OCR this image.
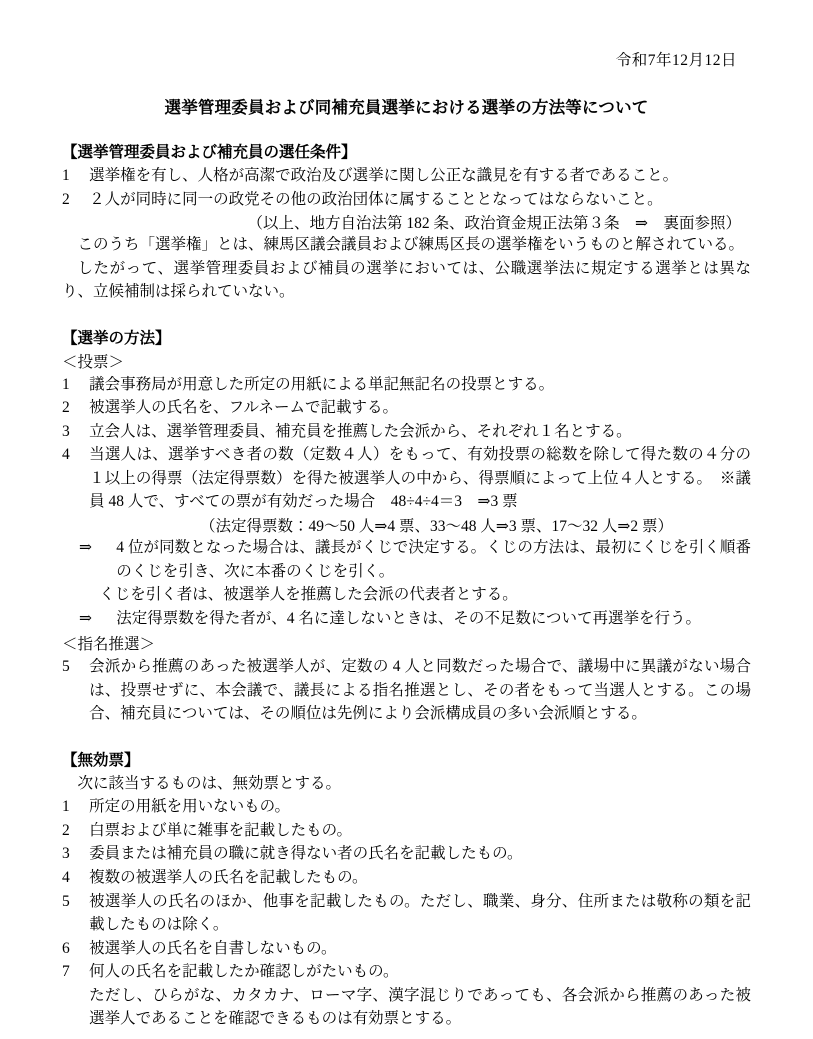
令和7年12月12日
選挙管理委員および同補充員選挙における選挙の方法等について
【選挙管理委員および補充員の選任条件】
1	選挙権を有し、人格が高潔で政治及び選挙に関し公正な識見を有する者であること。
2	２人が同時に同一の政党その他の政治団体に属することとなってはならないこと。
（以上、地方自治法第 182 条、政治資金規正法第３条　⇒　裏面参照）
このうち「選挙権」とは、練馬区議会議員および練馬区長の選挙権をいうものと解されている。
したがって、選挙管理委員および補員の選挙においては、公職選挙法に規定する選挙とは異なり、立候補制は採られていない。
【選挙の方法】
＜投票＞
1	議会事務局が用意した所定の用紙による単記無記名の投票とする。
2	被選挙人の氏名を、フルネームで記載する。
3	立会人は、選挙管理委員、補充員を推薦した会派から、それぞれ１名とする。
4	当選人は、選挙すべき者の数（定数４人）をもって、有効投票の総数を除して得た数の４分の１以上の得票（法定得票数）を得た被選挙人の中から、得票順によって上位４人とする。　※議員 48 人で、すべての票が有効だった場合　48÷4÷4＝3　⇒3 票
（法定得票数：49～50 人⇒4 票、33～48 人⇒3 票、17～32 人⇒2 票）
⇒	4 位が同数となった場合は、議長がくじで決定する。くじの方法は、最初にくじを引く順番のくじを引き、次に本番のくじを引く。
くじを引く者は、被選挙人を推薦した会派の代表者とする。
⇒	法定得票数を得た者が、4 名に達しないときは、その不足数について再選挙を行う。
＜指名推選＞
5	会派から推薦のあった被選挙人が、定数の 4 人と同数だった場合で、議場中に異議がない場合は、投票せずに、本会議で、議長による指名推選とし、その者をもって当選人とする。この場合、補充員については、その順位は先例により会派構成員の多い会派順とする。
【無効票】
次に該当するものは、無効票とする。
1	所定の用紙を用いないもの。
2	白票および単に雑事を記載したもの。
3	委員または補充員の職に就き得ない者の氏名を記載したもの。
4	複数の被選挙人の氏名を記載したもの。
5	被選挙人の氏名のほか、他事を記載したもの。ただし、職業、身分、住所または敬称の類を記載したものは除く。
6	被選挙人の氏名を自書しないもの。
7	何人の氏名を記載したか確認しがたいもの。
ただし、ひらがな、カタカナ、ローマ字、漢字混じりであっても、各会派から推薦のあった被選挙人であることを確認できるものは有効票とする。
